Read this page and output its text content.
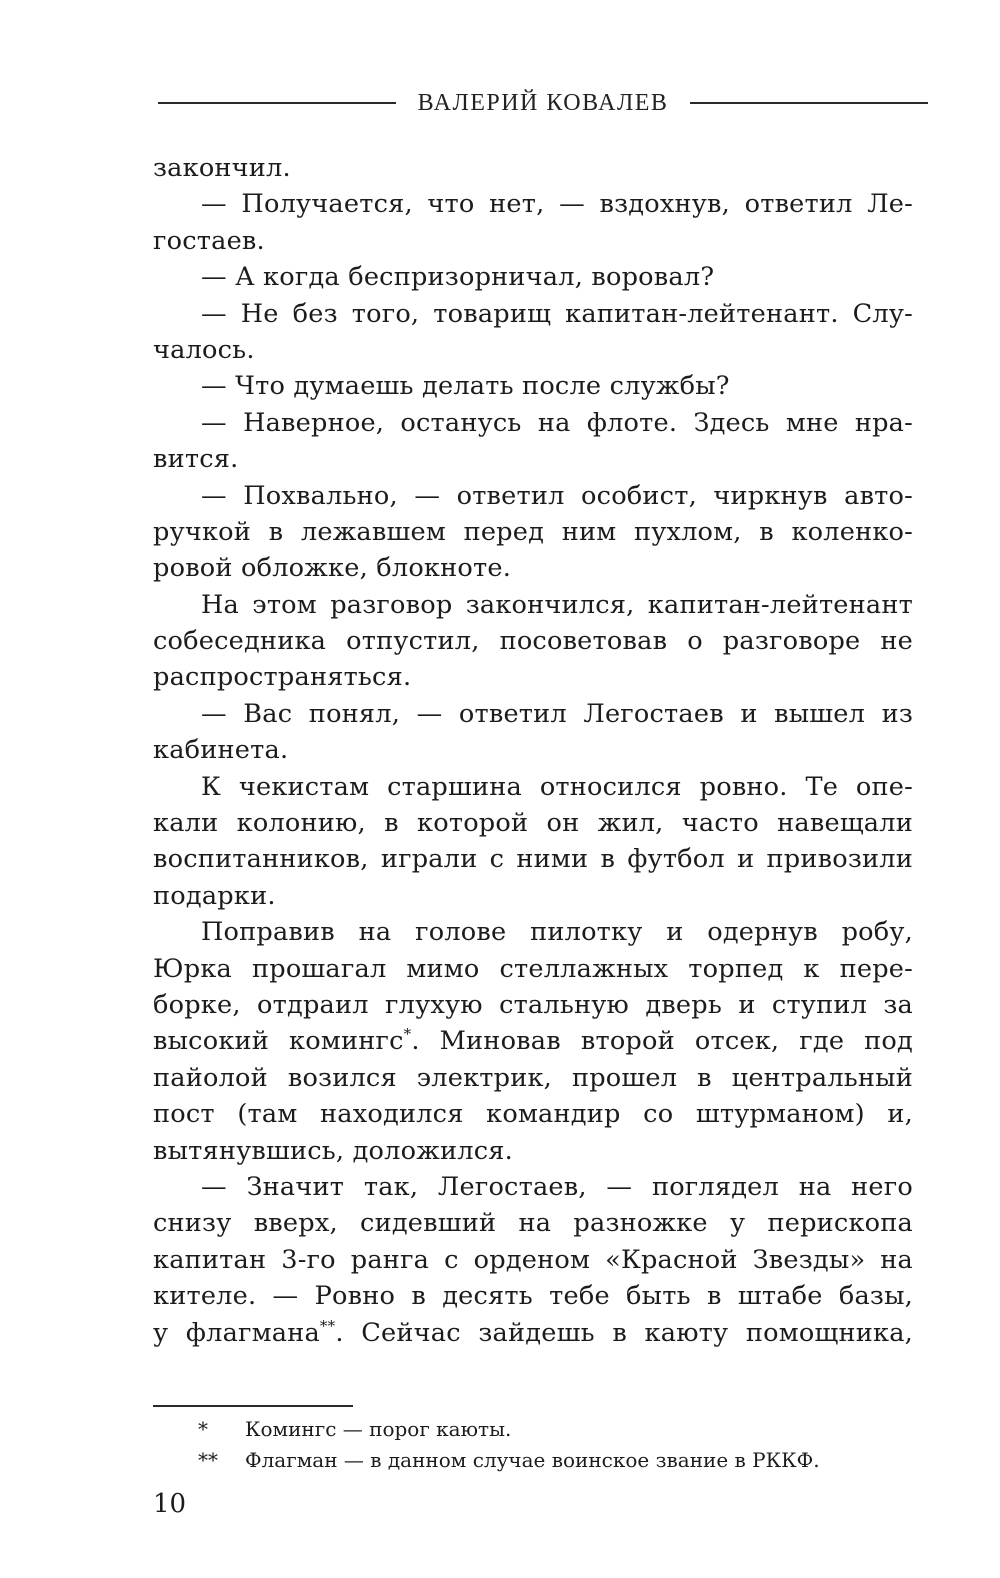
ВАЛЕРИЙ КОВАЛЕВ
закончил.
— Получается, что нет, — вздохнув, ответил Ле-
гостаев.
— А когда беспризорничал, воровал?
— Не без того, товарищ капитан-лейтенант. Слу-
чалось.
— Что думаешь делать после службы?
— Наверное, останусь на флоте. Здесь мне нра-
вится.
— Похвально, — ответил особист, чиркнув авто-
ручкой в лежавшем перед ним пухлом, в коленко-
ровой обложке, блокноте.
На этом разговор закончился, капитан-лейтенант
собеседника отпустил, посоветовав о разговоре не
распространяться.
— Вас понял, — ответил Легостаев и вышел из
кабинета.
К чекистам старшина относился ровно. Те опе-
кали колонию, в которой он жил, часто навещали
воспитанников, играли с ними в футбол и привозили
подарки.
Поправив на голове пилотку и одернув робу,
Юрка прошагал мимо стеллажных торпед к пере-
борке, отдраил глухую стальную дверь и ступил за
высокий комингс*. Миновав второй отсек, где под
пайолой возился электрик, прошел в центральный
пост (там находился командир со штурманом) и,
вытянувшись, доложился.
— Значит так, Легостаев, — поглядел на него
снизу вверх, сидевший на разножке у перископа
капитан 3-го ранга с орденом «Красной Звезды» на
кителе. — Ровно в десять тебе быть в штабе базы,
у флагмана**. Сейчас зайдешь в каюту помощника,
*	Комингс — порог каюты.
**	Флагман — в данном случае воинское звание в РККФ.
10
